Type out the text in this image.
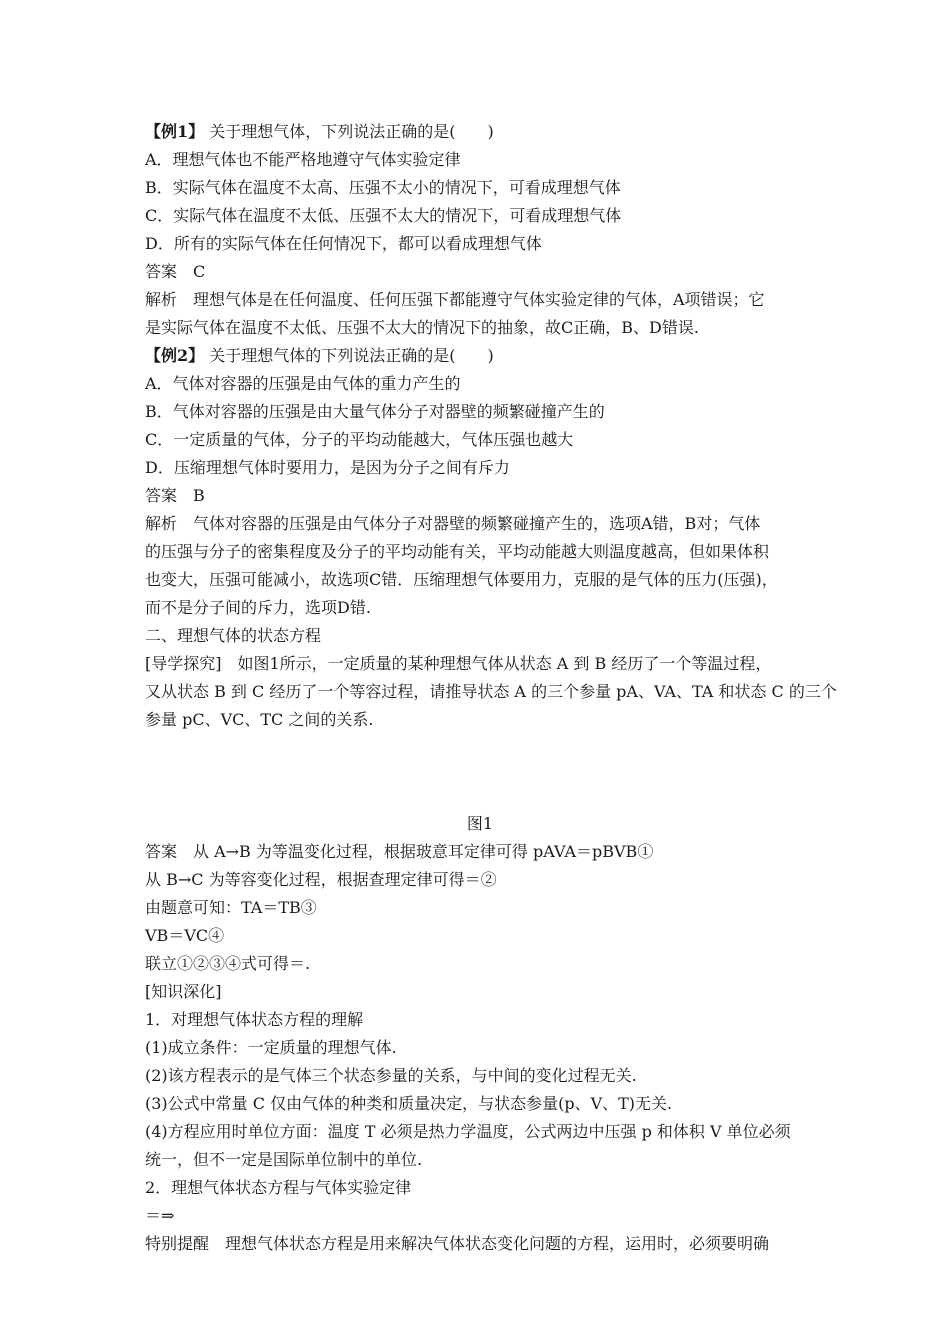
【例1】 关于理想气体，下列说法正确的是(　　)
A．理想气体也不能严格地遵守气体实验定律
B．实际气体在温度不太高、压强不太小的情况下，可看成理想气体
C．实际气体在温度不太低、压强不太大的情况下，可看成理想气体
D．所有的实际气体在任何情况下，都可以看成理想气体
答案　C
解析　理想气体是在任何温度、任何压强下都能遵守气体实验定律的气体，A项错误；它
是实际气体在温度不太低、压强不太大的情况下的抽象，故C正确，B、D错误.
【例2】 关于理想气体的下列说法正确的是(　　)
A．气体对容器的压强是由气体的重力产生的
B．气体对容器的压强是由大量气体分子对器壁的频繁碰撞产生的
C．一定质量的气体，分子的平均动能越大，气体压强也越大
D．压缩理想气体时要用力，是因为分子之间有斥力
答案　B
解析　气体对容器的压强是由气体分子对器壁的频繁碰撞产生的，选项A错，B对；气体
的压强与分子的密集程度及分子的平均动能有关，平均动能越大则温度越高，但如果体积
也变大，压强可能减小，故选项C错．压缩理想气体要用力，克服的是气体的压力(压强)，
而不是分子间的斥力，选项D错.
二、理想气体的状态方程
[导学探究]　如图1所示，一定质量的某种理想气体从状态 A 到 B 经历了一个等温过程，
又从状态 B 到 C 经历了一个等容过程，请推导状态 A 的三个参量 pA、VA、TA 和状态 C 的三个
参量 pC、VC、TC 之间的关系.
图1
答案　从 A→B 为等温变化过程，根据玻意耳定律可得 pAVA＝pBVB①
从 B→C 为等容变化过程，根据查理定律可得＝②
由题意可知：TA＝TB③
VB＝VC④
联立①②③④式可得＝.
[知识深化]
1．对理想气体状态方程的理解
(1)成立条件：一定质量的理想气体.
(2)该方程表示的是气体三个状态参量的关系，与中间的变化过程无关.
(3)公式中常量 C 仅由气体的种类和质量决定，与状态参量(p、V、T)无关.
(4)方程应用时单位方面：温度 T 必须是热力学温度，公式两边中压强 p 和体积 V 单位必须
统一，但不一定是国际单位制中的单位.
2．理想气体状态方程与气体实验定律
＝⇒
特别提醒　理想气体状态方程是用来解决气体状态变化问题的方程，运用时，必须要明确
